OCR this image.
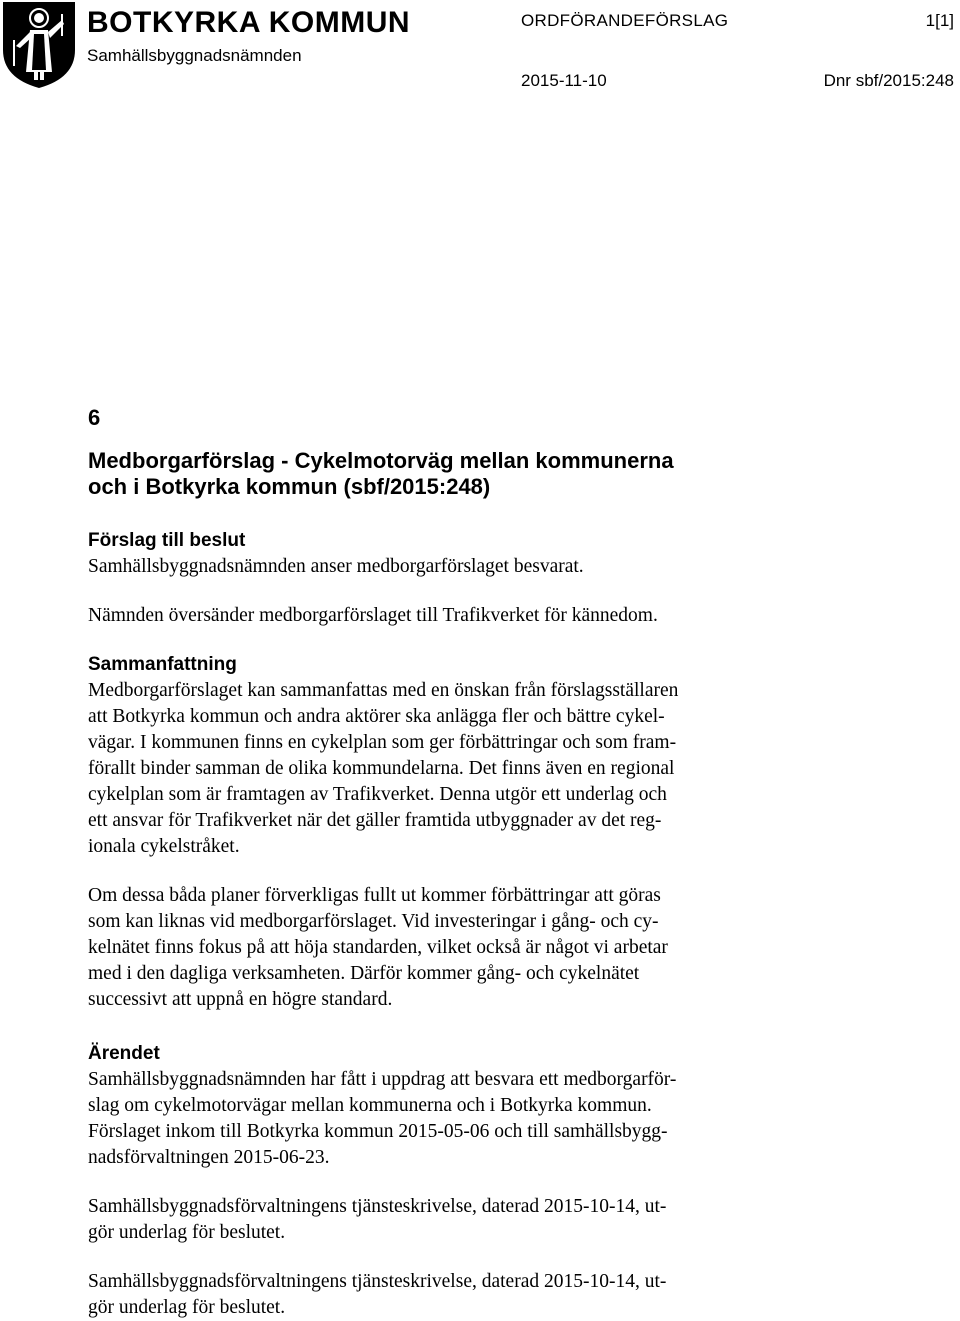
BOTKYRKA KOMMUN
Samhällsbyggnadsnämnden
ORDFÖRANDEFÖRSLAG	1[1]
2015-11-10	Dnr sbf/2015:248
6
Medborgarförslag - Cykelmotorväg mellan kommunerna
och i Botkyrka kommun (sbf/2015:248)
Förslag till beslut

Samhällsbyggnadsnämnden anser medborgarförslaget besvarat.

Nämnden översänder medborgarförslaget till Trafikverket för kännedom.

Sammanfattning

Medborgarförslaget kan sammanfattas med en önskan från förslagsställaren

att Botkyrka kommun och andra aktörer ska anlägga fler och bättre cykel-

vägar. I kommunen finns en cykelplan som ger förbättringar och som fram-

förallt binder samman de olika kommundelarna. Det finns även en regional

cykelplan som är framtagen av Trafikverket. Denna utgör ett underlag och

ett ansvar för Trafikverket när det gäller framtida utbyggnader av det reg-

ionala cykelstråket.

Om dessa båda planer förverkligas fullt ut kommer förbättringar att göras

som kan liknas vid medborgarförslaget. Vid investeringar i gång- och cy-

kelnätet finns fokus på att höja standarden, vilket också är något vi arbetar

med i den dagliga verksamheten. Därför kommer gång- och cykelnätet

successivt att uppnå en högre standard.

Ärendet

Samhällsbyggnadsnämnden har fått i uppdrag att besvara ett medborgarför-

slag om cykelmotorvägar mellan kommunerna och i Botkyrka kommun.

Förslaget inkom till Botkyrka kommun 2015-05-06 och till samhällsbygg-

nadsförvaltningen 2015-06-23.

Samhällsbyggnadsförvaltningens tjänsteskrivelse, daterad 2015-10-14, ut-

gör underlag för beslutet.

Samhällsbyggnadsförvaltningens tjänsteskrivelse, daterad 2015-10-14, ut-

gör underlag för beslutet.
